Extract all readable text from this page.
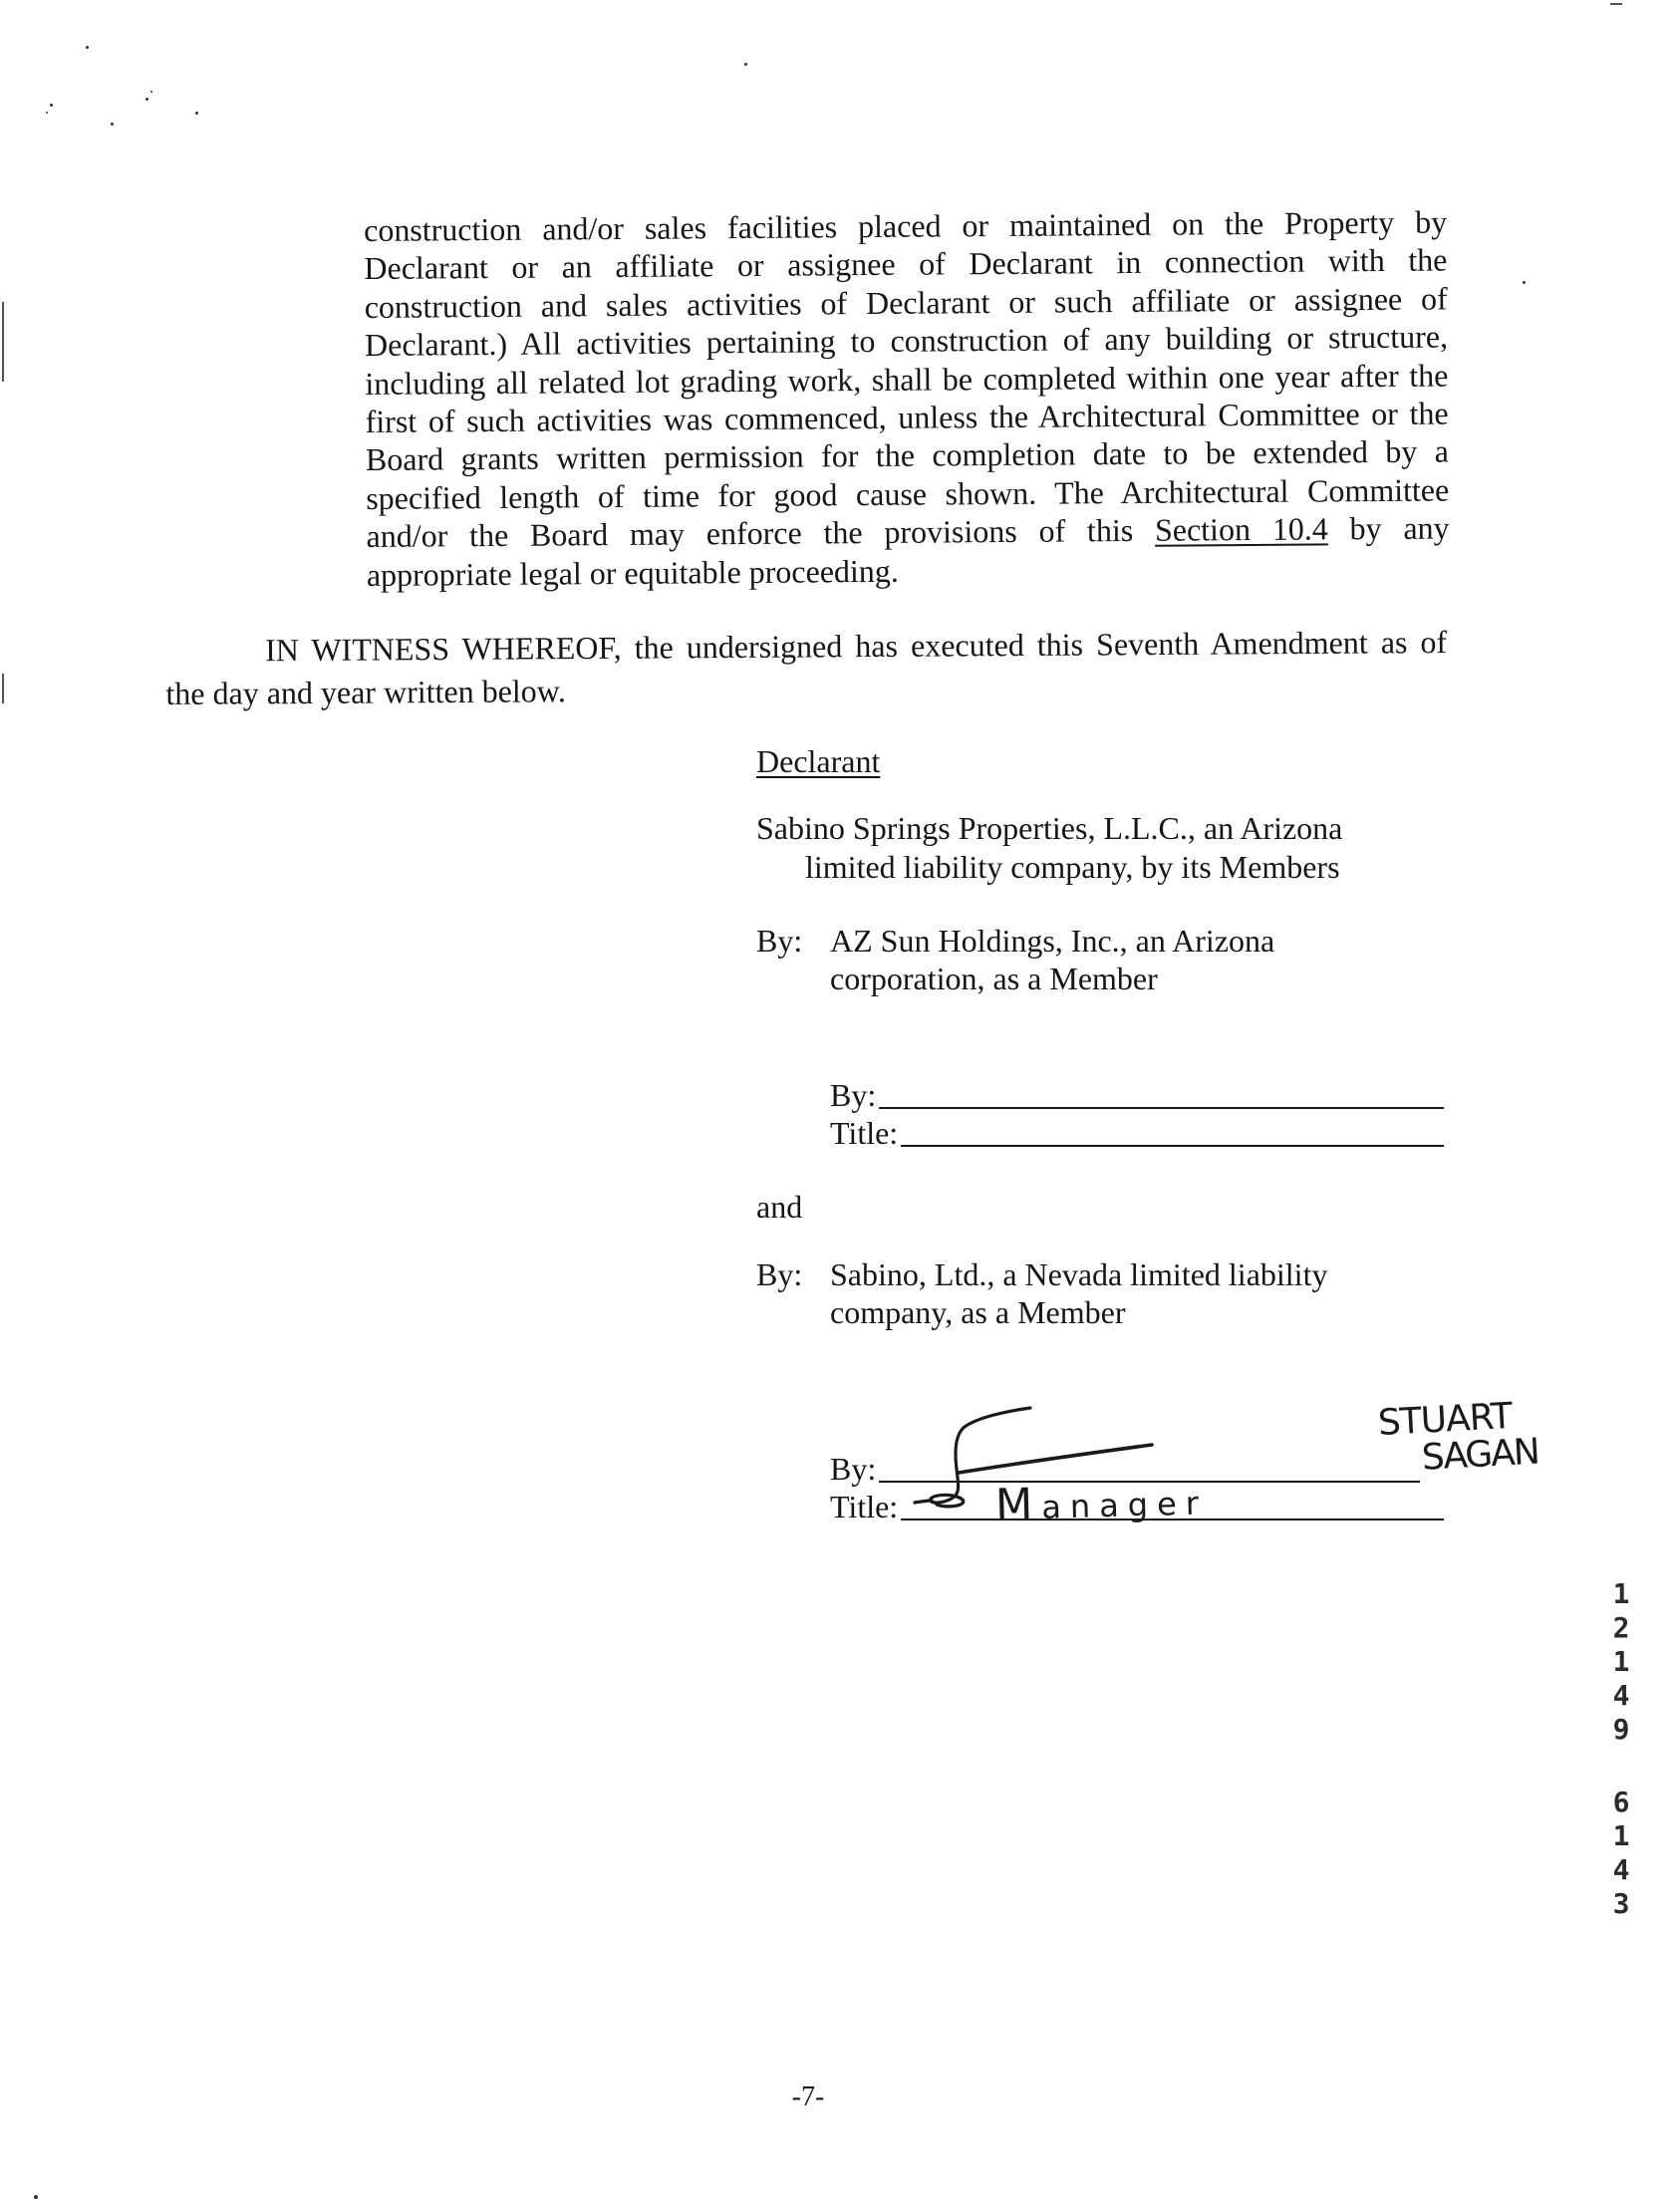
construction and/or sales facilities placed or maintained on the Property by
Declarant or an affiliate or assignee of Declarant in connection with the
construction and sales activities of Declarant or such affiliate or assignee of
Declarant.) All activities pertaining to construction of any building or structure,
including all related lot grading work, shall be completed within one year after the
first of such activities was commenced, unless the Architectural Committee or the
Board grants written permission for the completion date to be extended by a
specified length of time for good cause shown. The Architectural Committee
and/or the Board may enforce the provisions of this Section 10.4 by any
appropriate legal or equitable proceeding.
IN WITNESS WHEREOF, the undersigned has executed this Seventh Amendment as of
the day and year written below.
Declarant
Sabino Springs Properties, L.L.C., an Arizona
limited liability company, by its Members
By: AZ Sun Holdings, Inc., an Arizona
corporation, as a Member
By:
Title:
and
By: Sabino, Ltd., a Nevada limited liability
company, as a Member
By:
Title:	Manager
STUART
SAGAN
12149
6143
-7-
